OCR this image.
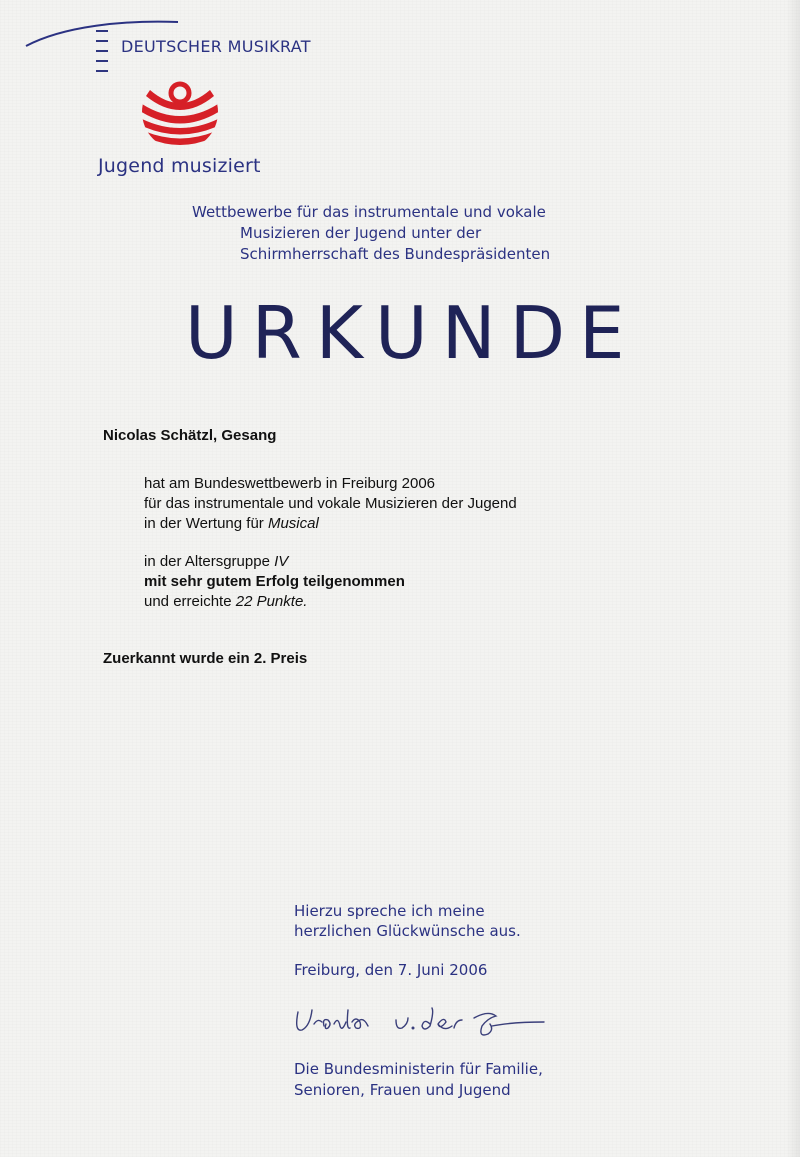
DEUTSCHER MUSIKRAT
Jugend musiziert
Wettbewerbe für das instrumentale und vokale
Musizieren der Jugend unter der
Schirmherrschaft des Bundespräsidenten
URKUNDE
Nicolas Schätzl, Gesang
hat am Bundeswettbewerb in Freiburg 2006
für das instrumentale und vokale Musizieren der Jugend
in der Wertung für Musical
in der Altersgruppe IV
mit sehr gutem Erfolg teilgenommen
und erreichte 22 Punkte.
Zuerkannt wurde ein 2. Preis
Hierzu spreche ich meine
herzlichen Glückwünsche aus.
Freiburg, den 7. Juni 2006
Die Bundesministerin für Familie,
Senioren, Frauen und Jugend
